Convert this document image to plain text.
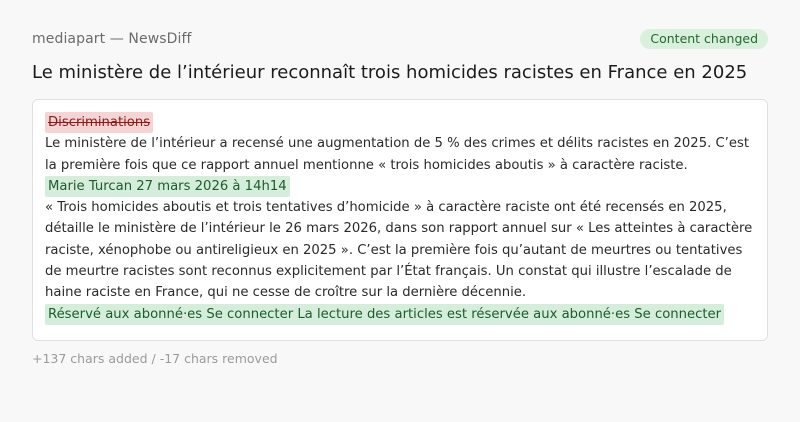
mediapart — NewsDiff	Content changed
Le ministère de l’intérieur reconnaît trois homicides racistes en France en 2025

Discriminations

Le ministère de l’intérieur a recensé une augmentation de 5 % des crimes et délits racistes en 2025. C’est la première fois que ce rapport annuel mentionne « trois homicides aboutis » à caractère raciste.

Marie Turcan 27 mars 2026 à 14h14

« Trois homicides aboutis et trois tentatives d’homicide » à caractère raciste ont été recensés en 2025, détaille le ministère de l’intérieur le 26 mars 2026, dans son rapport annuel sur « Les atteintes à caractère raciste, xénophobe ou antireligieux en 2025 ». C’est la première fois qu’autant de meurtres ou tentatives de meurtre racistes sont reconnus explicitement par l’État français. Un constat qui illustre l’escalade de haine raciste en France, qui ne cesse de croître sur la dernière décennie.

Réservé aux abonné·es Se connecter La lecture des articles est réservée aux abonné·es Se connecter

+137 chars added / -17 chars removed
